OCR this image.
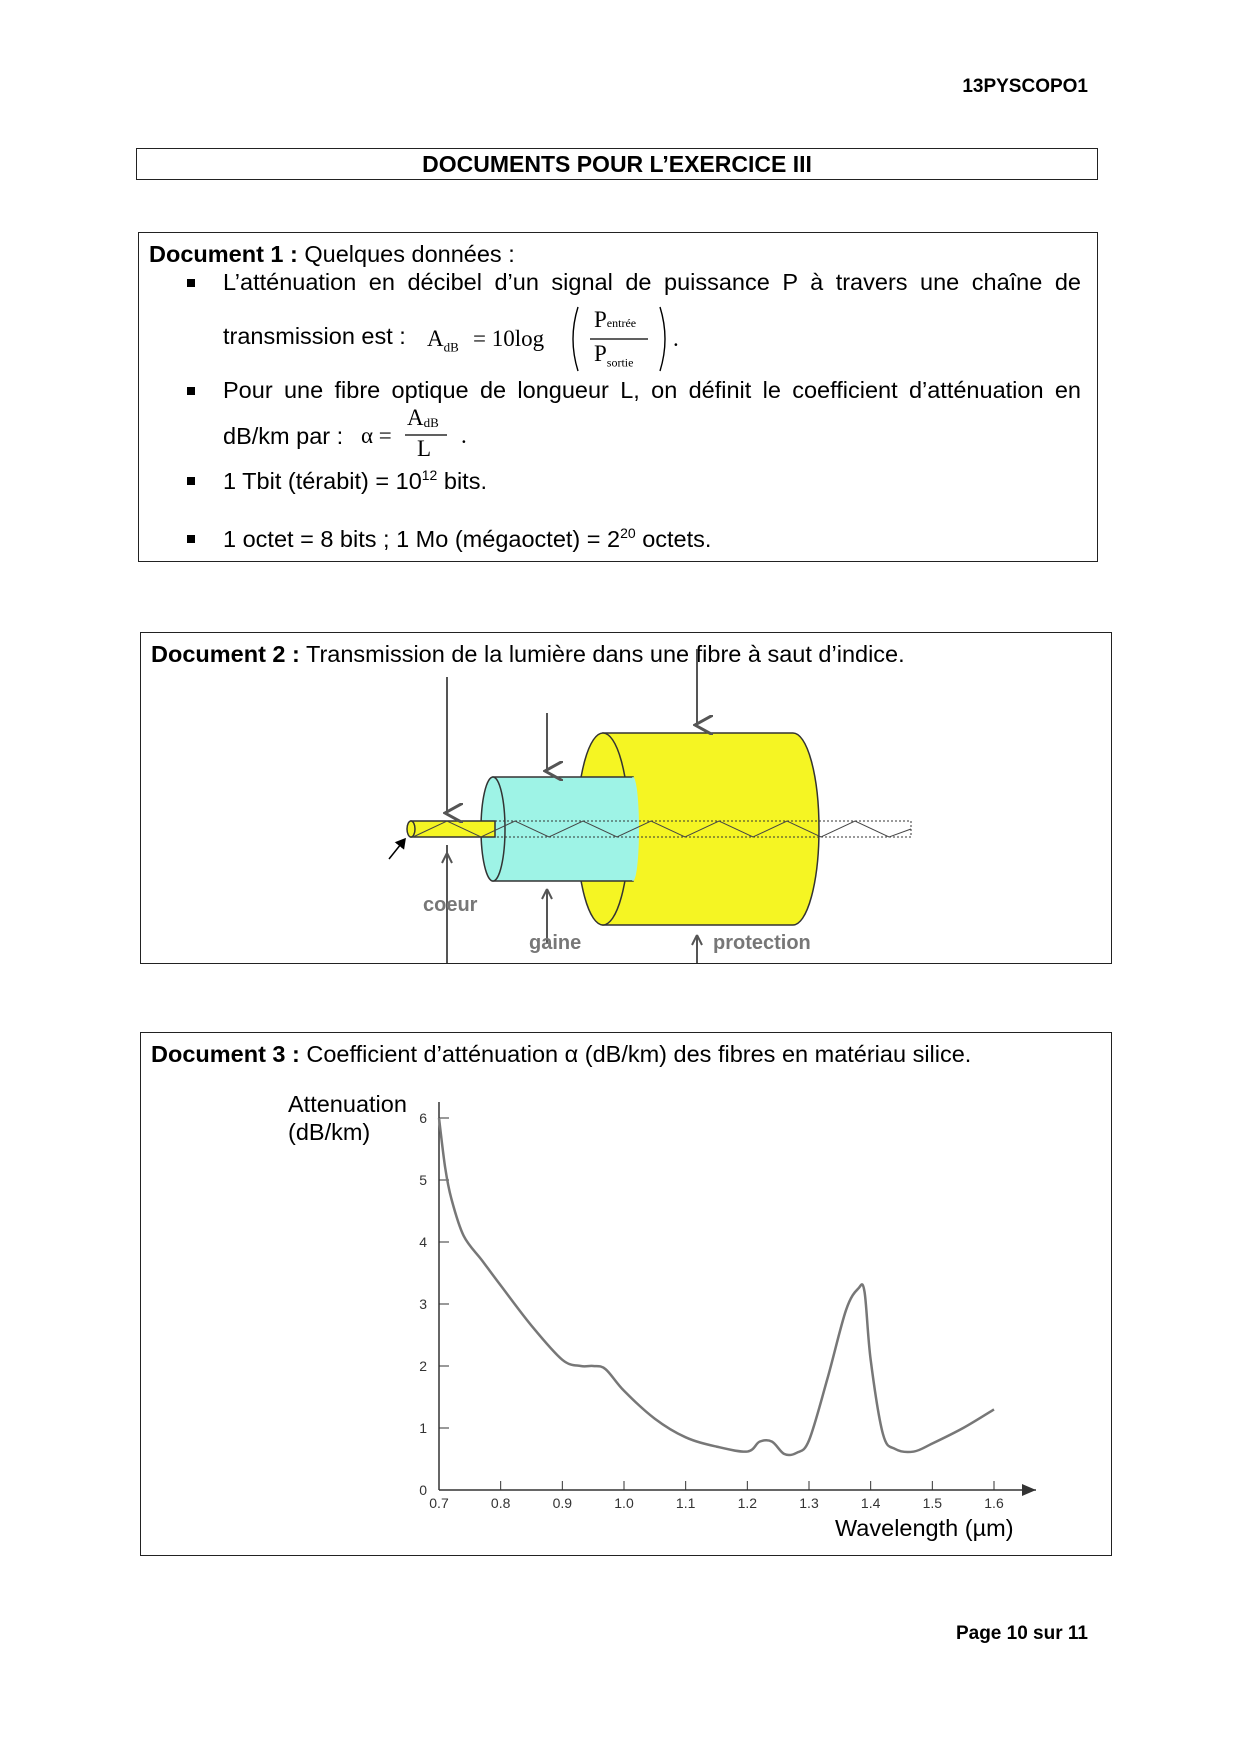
13PYSCOPO1
DOCUMENTS POUR L’EXERCICE III
Document 1 : Quelques données :
L’atténuation en décibel d’un signal de puissance P à travers une chaîne de
transmission est : $A_{dB} = 10\log$
$P_{entrée}$
$P_{sortie}$
.
Pour une fibre optique de longueur L, on définit le coefficient d’atténuation en
dB/km par : α =
$A_{dB}$
L
.
1 Tbit (térabit) = $10^{12}$ bits.
1 octet = 8 bits ; 1 Mo (mégaoctet) = $2^{20}$ octets.
Document 2 : Transmission de la lumière dans une fibre à saut d’indice.
coeur
gaine	protection
Document 3 : Coefficient d’atténuation α (dB/km) des fibres en matériau silice.
Attenuation
(dB/km)
Wavelength (µm)
0.7	0.8	0.9	1.0	1.1	1.2	1.3	1.4	1.5	1.6
0
1
2
3
4
5
6
Page 10 sur 11
